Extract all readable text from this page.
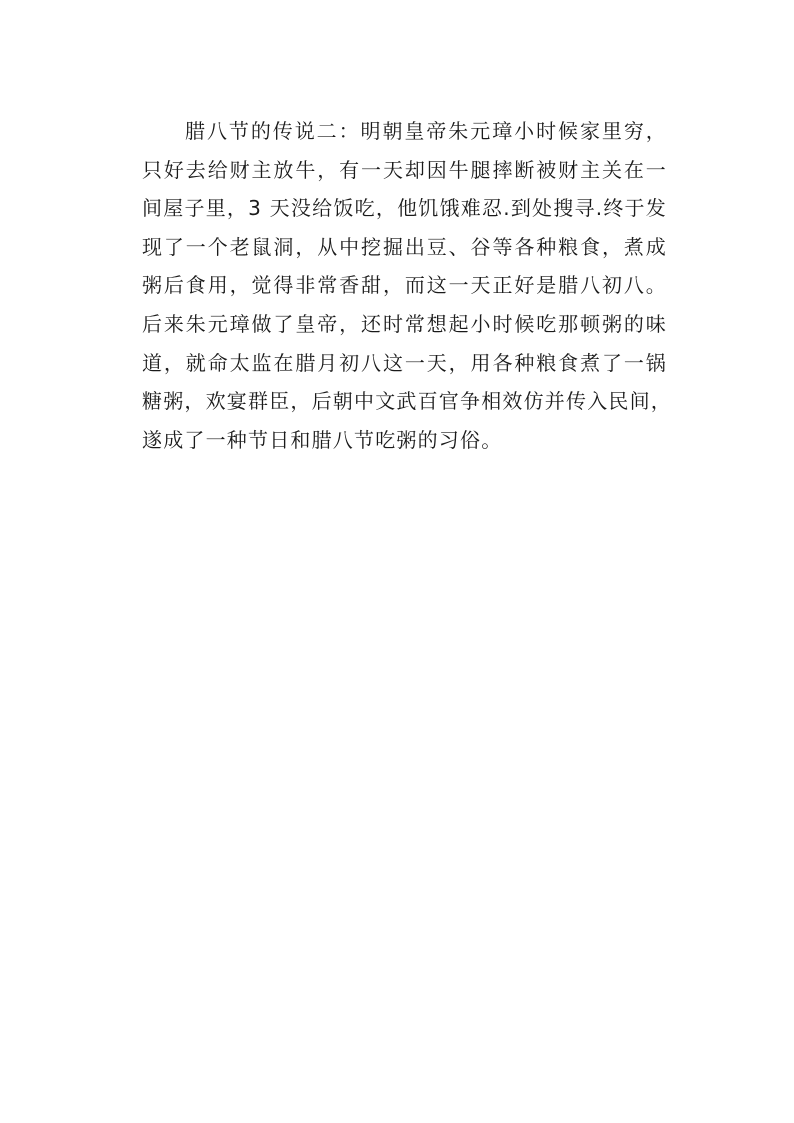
腊八节的传说二：明朝皇帝朱元璋小时候家里穷，
只好去给财主放牛，有一天却因牛腿摔断被财主关在一
间屋子里，3 天没给饭吃，他饥饿难忍.到处搜寻.终于发
现了一个老鼠洞，从中挖掘出豆、谷等各种粮食，煮成
粥后食用，觉得非常香甜，而这一天正好是腊八初八。
后来朱元璋做了皇帝，还时常想起小时候吃那顿粥的味
道，就命太监在腊月初八这一天，用各种粮食煮了一锅
糖粥，欢宴群臣，后朝中文武百官争相效仿并传入民间，
遂成了一种节日和腊八节吃粥的习俗。
